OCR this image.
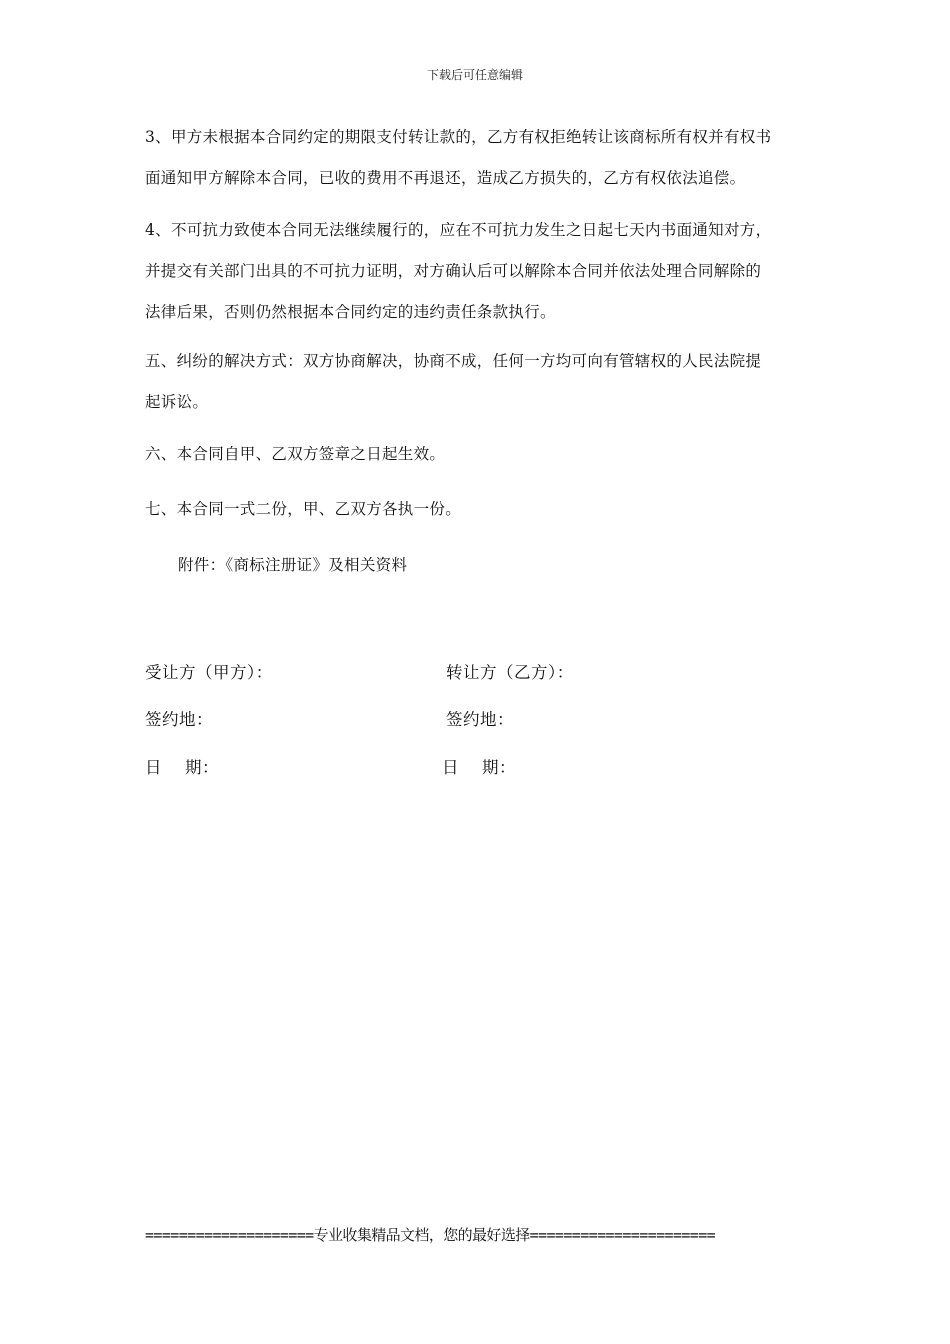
下载后可任意编辑

3、甲方未根据本合同约定的期限支付转让款的，乙方有权拒绝转让该商标所有权并有权书

面通知甲方解除本合同，已收的费用不再退还，造成乙方损失的，乙方有权依法追偿。

4、不可抗力致使本合同无法继续履行的，应在不可抗力发生之日起七天内书面通知对方，

并提交有关部门出具的不可抗力证明，对方确认后可以解除本合同并依法处理合同解除的

法律后果，否则仍然根据本合同约定的违约责任条款执行。

五、纠纷的解决方式：双方协商解决，协商不成，任何一方均可向有管辖权的人民法院提

起诉讼。

六、本合同自甲、乙双方签章之日起生效。

七、本合同一式二份，甲、乙双方各执一份。

附件：《商标注册证》及相关资料

受让方（甲方）：
签约地：
日    期：
转让方（乙方）：
签约地：
日    期：
====================专业收集精品文档，您的最好选择======================
